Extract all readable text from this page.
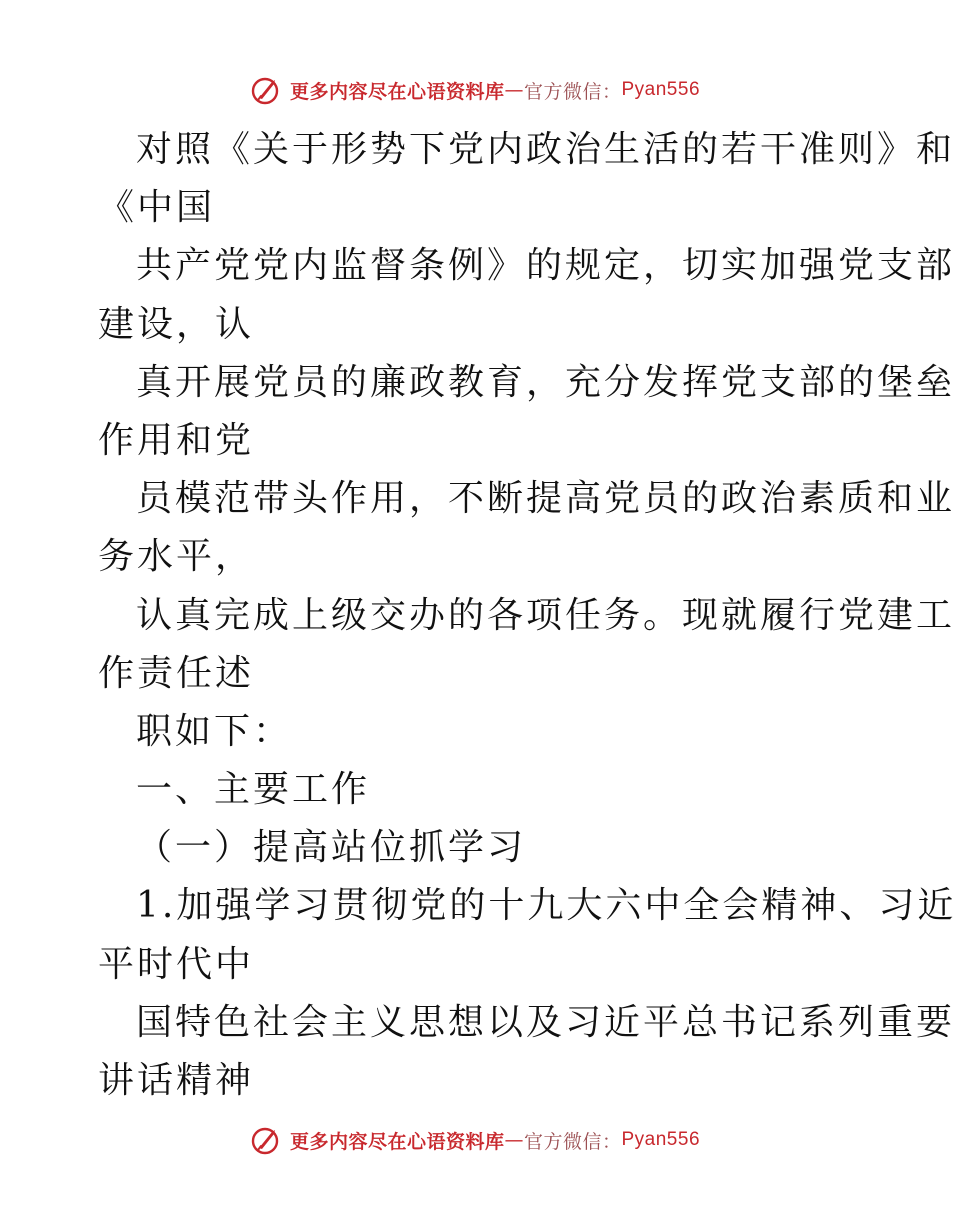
更多内容尽在心语资料库 — 官方微信： Pyan556
对照《关于形势下党内政治生活的若干准则》和
《中国
共产党党内监督条例》的规定，切实加强党支部
建设，认
真开展党员的廉政教育，充分发挥党支部的堡垒
作用和党
员模范带头作用，不断提高党员的政治素质和业
务水平，
认真完成上级交办的各项任务。现就履行党建工
作责任述
职如下：
一、主要工作
（一）提高站位抓学习
1.加强学习贯彻党的十九大六中全会精神、习近
平时代中
国特色社会主义思想以及习近平总书记系列重要
讲话精神
更多内容尽在心语资料库 — 官方微信： Pyan556
